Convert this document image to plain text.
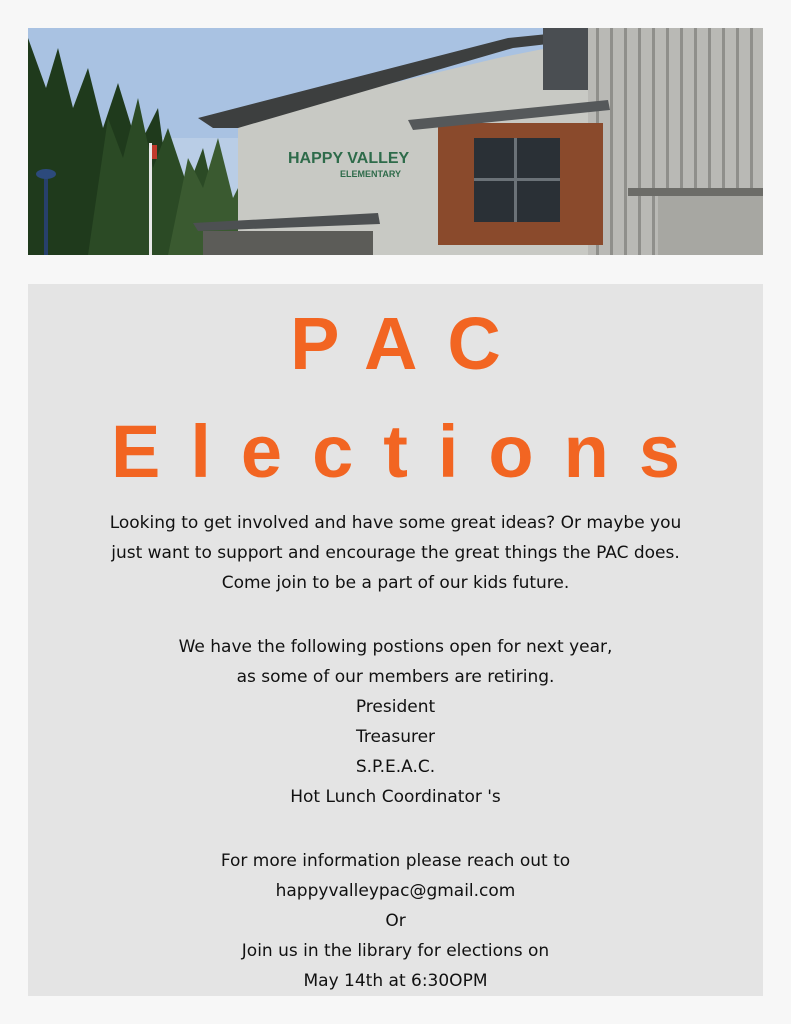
HAPPY VALLEY
ELEMENTARY
PAC
Elections
Looking to get involved and have some great ideas? Or maybe you
just want to support and encourage the great things the PAC does.
Come join to be a part of our kids future.
We have the following postions open for next year,
as some of our members are retiring.
President
Treasurer
S.P.E.A.C.
Hot Lunch Coordinator 's
For more information please reach out to
happyvalleypac@gmail.com
Or
Join us in the library for elections on
May 14th at 6:30OPM
